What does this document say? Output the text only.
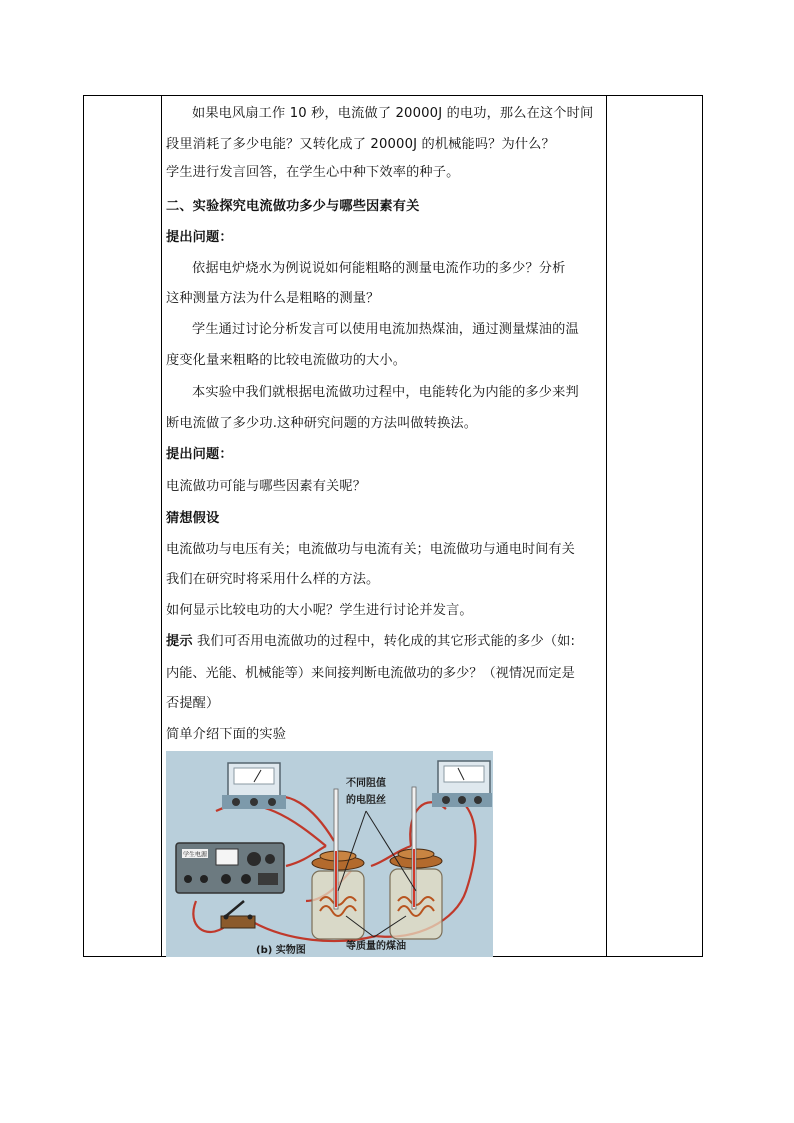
如果电风扇工作 10 秒，电流做了 20000J 的电功，那么在这个时间
段里消耗了多少电能？又转化成了 20000J 的机械能吗？为什么？
学生进行发言回答，在学生心中种下效率的种子。
二、实验探究电流做功多少与哪些因素有关
提出问题：
依据电炉烧水为例说说如何能粗略的测量电流作功的多少？分析
这种测量方法为什么是粗略的测量？
学生通过讨论分析发言可以使用电流加热煤油，通过测量煤油的温
度变化量来粗略的比较电流做功的大小。
本实验中我们就根据电流做功过程中，电能转化为内能的多少来判
断电流做了多少功.这种研究问题的方法叫做转换法。
提出问题：
电流做功可能与哪些因素有关呢？
猜想假设
电流做功与电压有关；电流做功与电流有关；电流做功与通电时间有关
我们在研究时将采用什么样的方法。
如何显示比较电功的大小呢？学生进行讨论并发言。
提示 我们可否用电流做功的过程中，转化成的其它形式能的多少（如:
内能、光能、机械能等）来间接判断电流做功的多少？（视情况而定是
否提醒）
简单介绍下面的实验
学生电源
不同阻值
的电阻丝
等质量的煤油
(b) 实物图
